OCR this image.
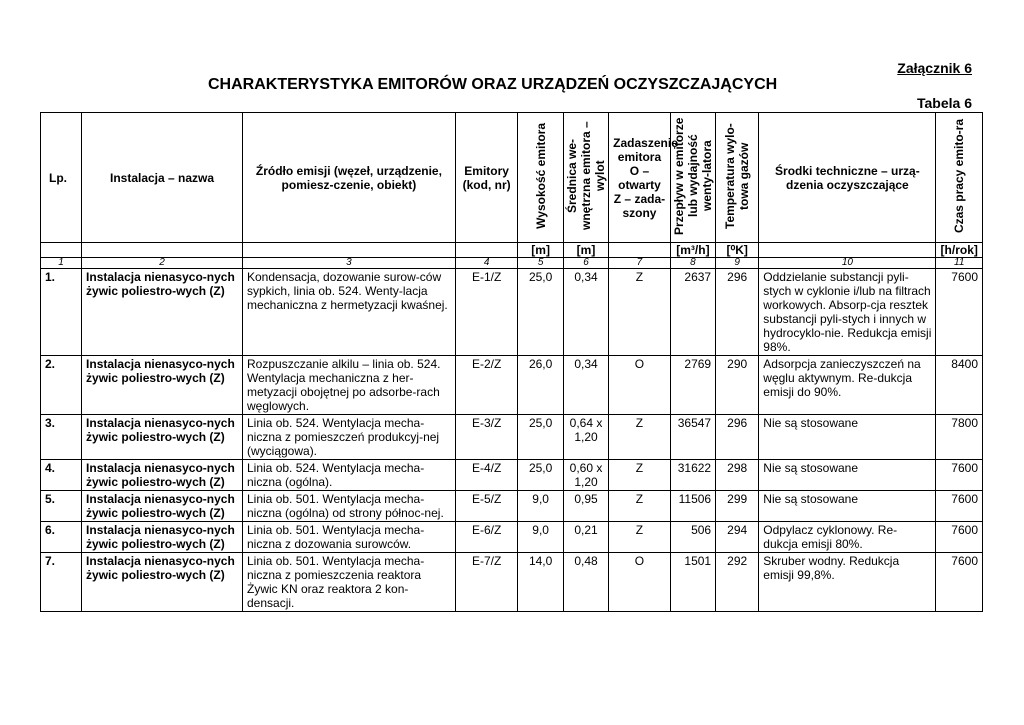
Załącznik 6
CHARAKTERYSTYKA EMITORÓW ORAZ URZĄDZEŃ OCZYSZCZAJĄCYCH
Tabela 6
Lp.	Instalacja – nazwa	Źródło emisji (węzeł, urządzenie, pomiesz-czenie, obiekt)	Emitory (kod, nr)	Wysokość emitora	Średnica we-wnętrzna emitora – wylot	Zadaszenie emitora O – otwarty Z – zada-szony	Przepływ w emitorze lub wydajność wenty-latora	Temperatura wylo-towa gazów	Środki techniczne – urzą-dzenia oczyszczające	Czas pracy emito-ra
				[m]	[m]		[m³/h]	[⁰K]		[h/rok]
1	2	3	4	5	6	7	8	9	10	11
1.	Instalacja nienasyco-nych żywic poliestro-wych (Z)	Kondensacja, dozowanie surow-ców sypkich, linia ob. 524. Wenty-lacja mechaniczna z hermetyzacji kwaśnej.	E-1/Z	25,0	0,34	Z	2637	296	Oddzielanie substancji pyli-stych w cyklonie i/lub na filtrach workowych. Absorp-cja resztek substancji pyli-stych i innych w hydrocyklo-nie. Redukcja emisji 98%.	7600
2.	Instalacja nienasyco-nych żywic poliestro-wych (Z)	Rozpuszczanie alkilu – linia ob. 524. Wentylacja mechaniczna z her-metyzacji obojętnej po adsorbe-rach węglowych.	E-2/Z	26,0	0,34	O	2769	290	Adsorpcja zanieczyszczeń na węglu aktywnym. Re-dukcja emisji do 90%.	8400
3.	Instalacja nienasyco-nych żywic poliestro-wych (Z)	Linia ob. 524. Wentylacja mecha-niczna z pomieszczeń produkcyj-nej (wyciągowa).	E-3/Z	25,0	0,64 x 1,20	Z	36547	296	Nie są stosowane	7800
4.	Instalacja nienasyco-nych żywic poliestro-wych (Z)	Linia ob. 524. Wentylacja mecha-niczna (ogólna).	E-4/Z	25,0	0,60 x 1,20	Z	31622	298	Nie są stosowane	7600
5.	Instalacja nienasyco-nych żywic poliestro-wych (Z)	Linia ob. 501. Wentylacja mecha-niczna (ogólna) od strony północ-nej.	E-5/Z	9,0	0,95	Z	11506	299	Nie są stosowane	7600
6.	Instalacja nienasyco-nych żywic poliestro-wych (Z)	Linia ob. 501. Wentylacja mecha-niczna z dozowania surowców.	E-6/Z	9,0	0,21	Z	506	294	Odpylacz cyklonowy. Re-dukcja emisji 80%.	7600
7.	Instalacja nienasyco-nych żywic poliestro-wych (Z)	Linia ob. 501. Wentylacja mecha-niczna z pomieszczenia reaktora Żywic KN oraz reaktora 2 kon-densacji.	E-7/Z	14,0	0,48	O	1501	292	Skruber wodny. Redukcja emisji 99,8%.	7600
